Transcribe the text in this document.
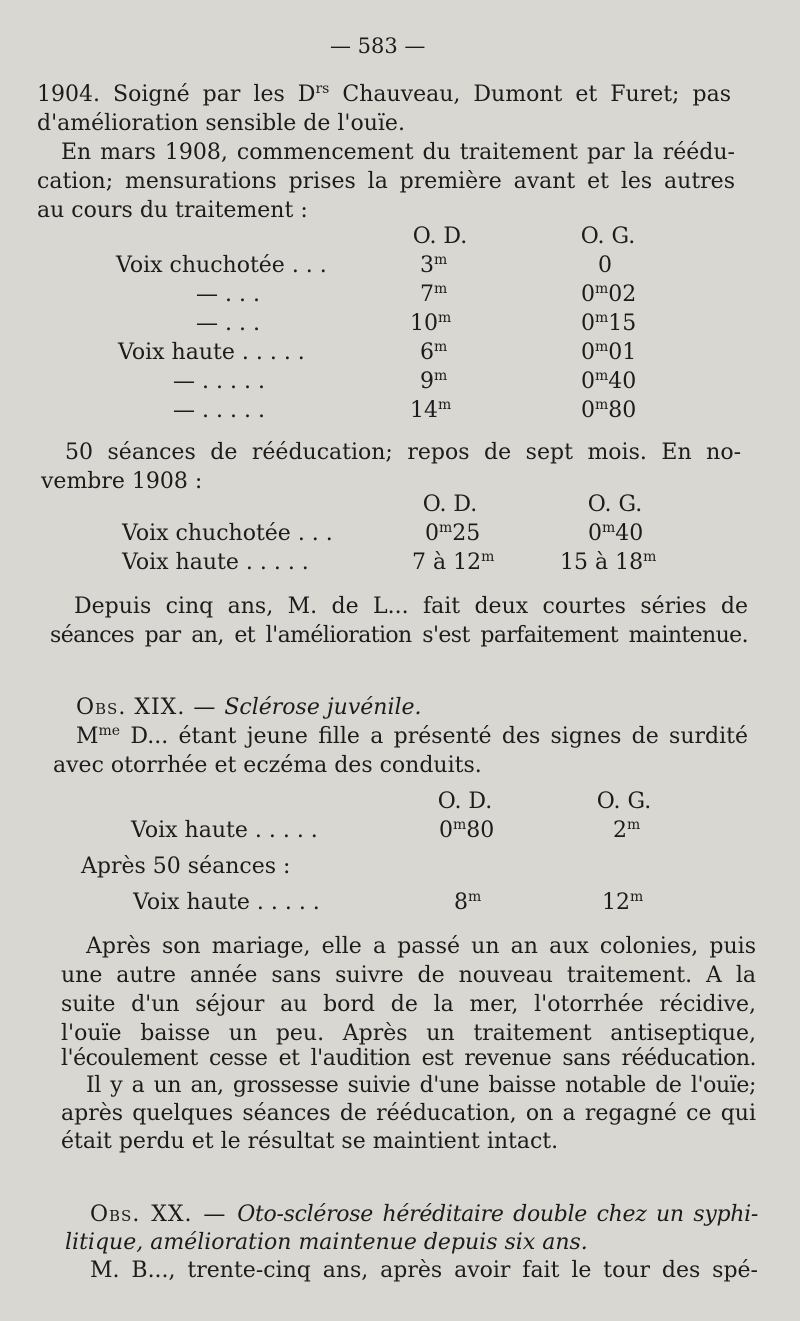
— 583 —
1904. Soigné par les $D^{rs}$ Chauveau, Dumont et Furet; pas
d'amélioration sensible de l'ouïe.
En mars 1908, commencement du traitement par la réédu-
cation; mensurations prises la première avant et les autres
au cours du traitement :
O. D.	O. G.
Voix chuchotée . . .	3$^m$	0
— . . .	7$^m$	0$^m$02
— . . .	10$^m$	0$^m$15
Voix haute . . . . .	6$^m$	0$^m$01
— . . . . .	9$^m$	0$^m$40
— . . . . .	14$^m$	0$^m$80
50 séances de rééducation; repos de sept mois. En no-
vembre 1908 :
O. D.	O. G.
Voix chuchotée . . .	0$^m$25	0$^m$40
Voix haute . . . . .	7 à 12$^m$	15 à 18$^m$
Depuis cinq ans, M. de L... fait deux courtes séries de
séances par an, et l'amélioration s'est parfaitement maintenue.
Obs. XIX. — Sclérose juvénile.
$M^{me}$ D... étant jeune fille a présenté des signes de surdité
avec otorrhée et eczéma des conduits.
O. D.	O. G.
Voix haute . . . . .	0$^m$80	2$^m$
Après 50 séances :
Voix haute . . . . .	8$^m$	12$^m$
Après son mariage, elle a passé un an aux colonies, puis
une autre année sans suivre de nouveau traitement. A la
suite d'un séjour au bord de la mer, l'otorrhée récidive,
l'ouïe baisse un peu. Après un traitement antiseptique,
l'écoulement cesse et l'audition est revenue sans rééducation.
Il y a un an, grossesse suivie d'une baisse notable de l'ouïe;
après quelques séances de rééducation, on a regagné ce qui
était perdu et le résultat se maintient intact.
Obs. XX. — Oto-sclérose héréditaire double chez un syphi-
litique, amélioration maintenue depuis six ans.
M. B..., trente-cinq ans, après avoir fait le tour des spé-
